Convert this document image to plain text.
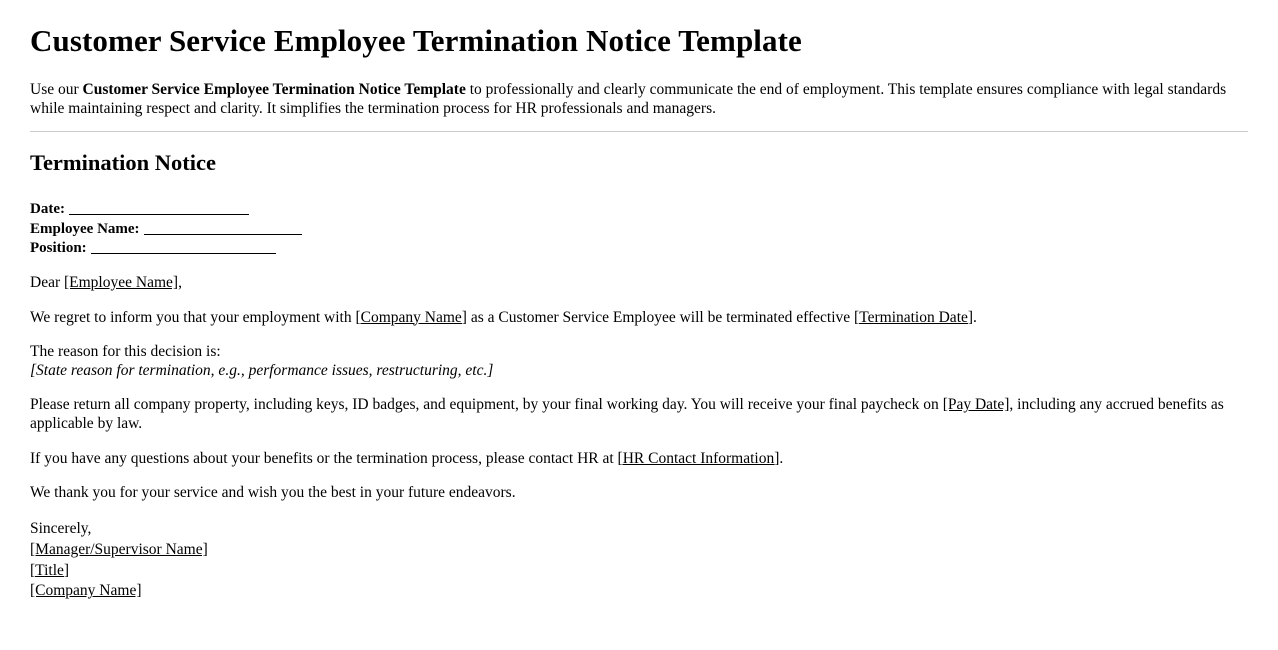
Customer Service Employee Termination Notice Template

Use our Customer Service Employee Termination Notice Template to professionally and clearly communicate the end of employment. This template ensures compliance with legal standards while maintaining respect and clarity. It simplifies the termination process for HR professionals and managers.

Termination Notice
Date:
Employee Name:
Position:

Dear [Employee Name],

We regret to inform you that your employment with [Company Name] as a Customer Service Employee will be terminated effective [Termination Date].

The reason for this decision is:
[State reason for termination, e.g., performance issues, restructuring, etc.]

Please return all company property, including keys, ID badges, and equipment, by your final working day. You will receive your final paycheck on [Pay Date], including any accrued benefits as applicable by law.

If you have any questions about your benefits or the termination process, please contact HR at [HR Contact Information].

We thank you for your service and wish you the best in your future endeavors.

Sincerely,
[Manager/Supervisor Name]
[Title]
[Company Name]
